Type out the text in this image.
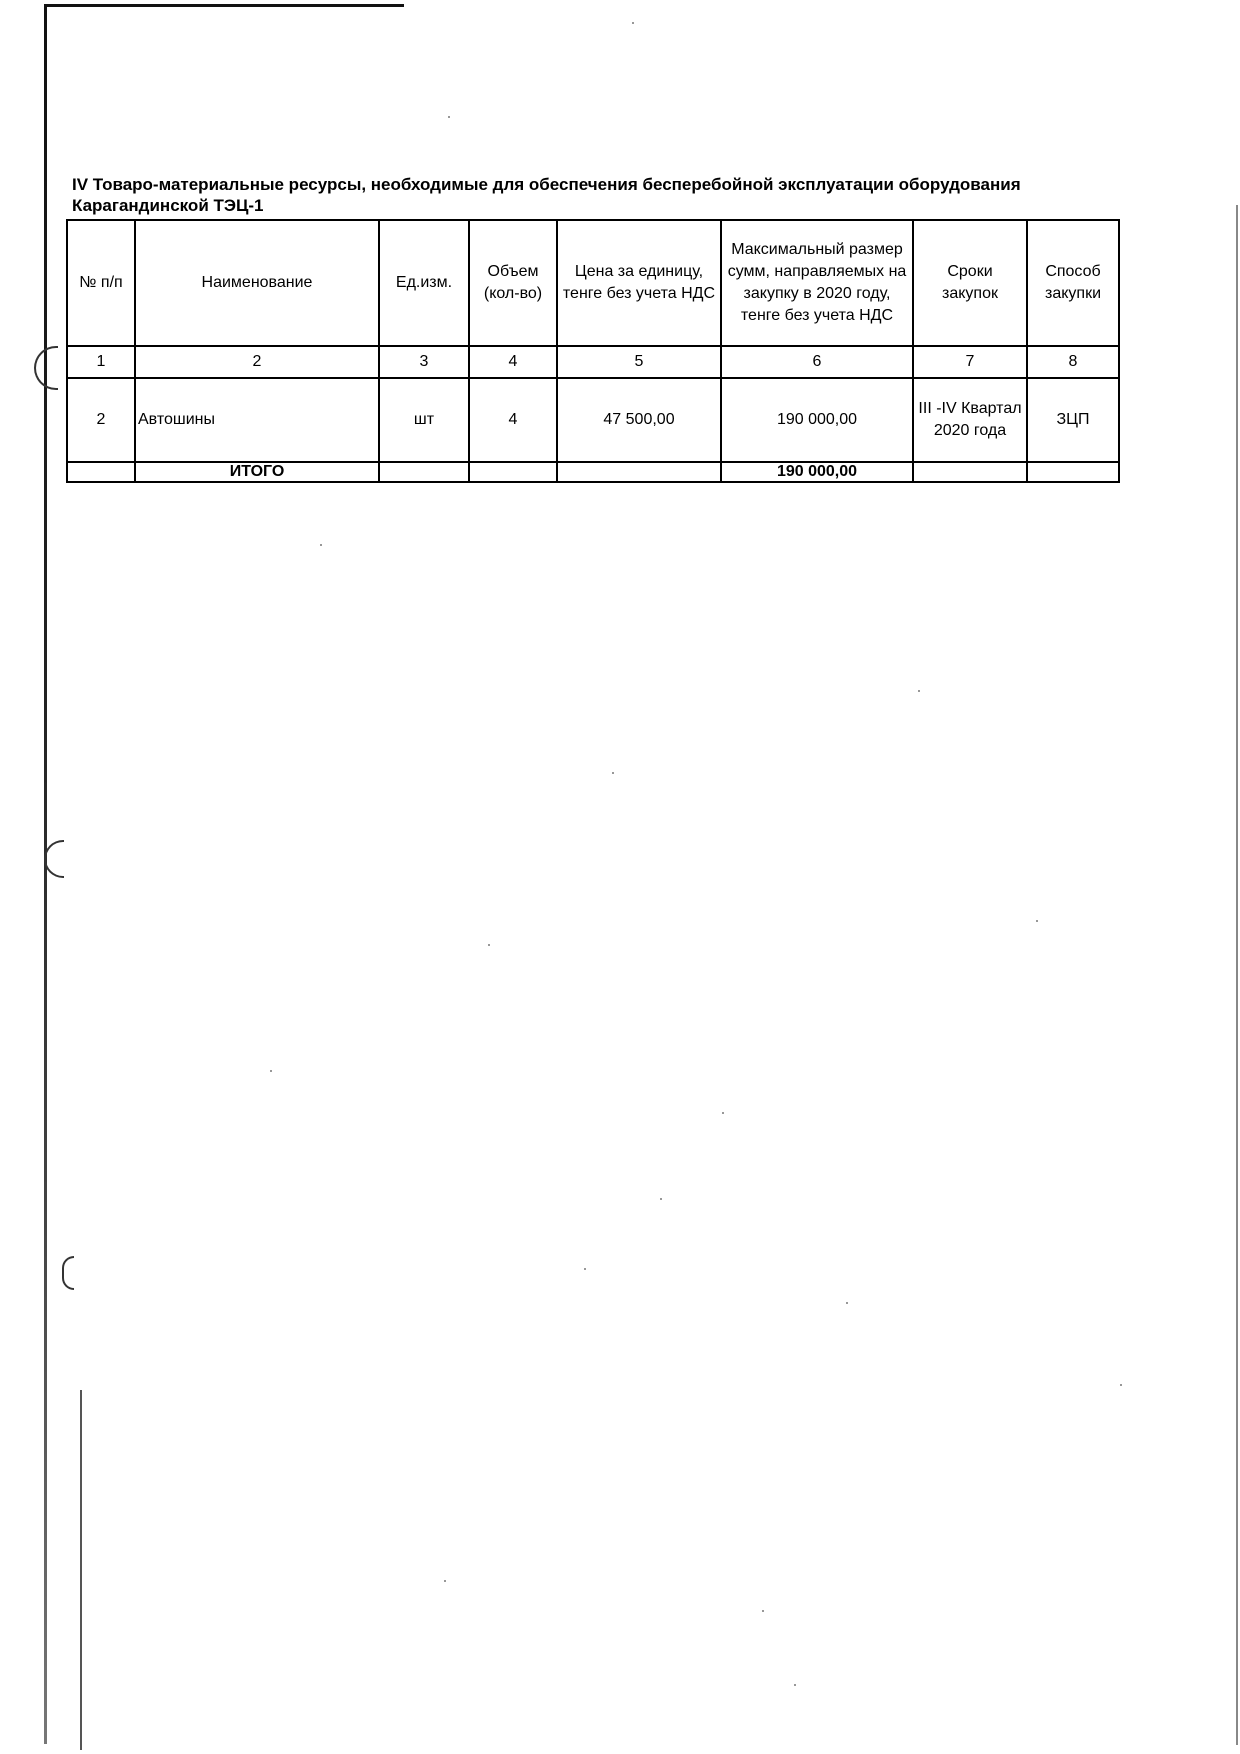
IV Товаро-материальные ресурсы, необходимые для обеспечения бесперебойной эксплуатации оборудования
Карагандинской ТЭЦ-1
№ п/п	Наименование	Ед.изм.	Объем (кол-во)	Цена за единицу, тенге без учета НДС	Максимальный размер сумм, направляемых на закупку в 2020 году, тенге без учета НДС	Сроки закупок	Способ закупки
1	2	3	4	5	6	7	8
2	Автошины	шт	4	47 500,00	190 000,00	III -IV Квартал 2020 года	ЗЦП
	ИТОГО				190 000,00		
